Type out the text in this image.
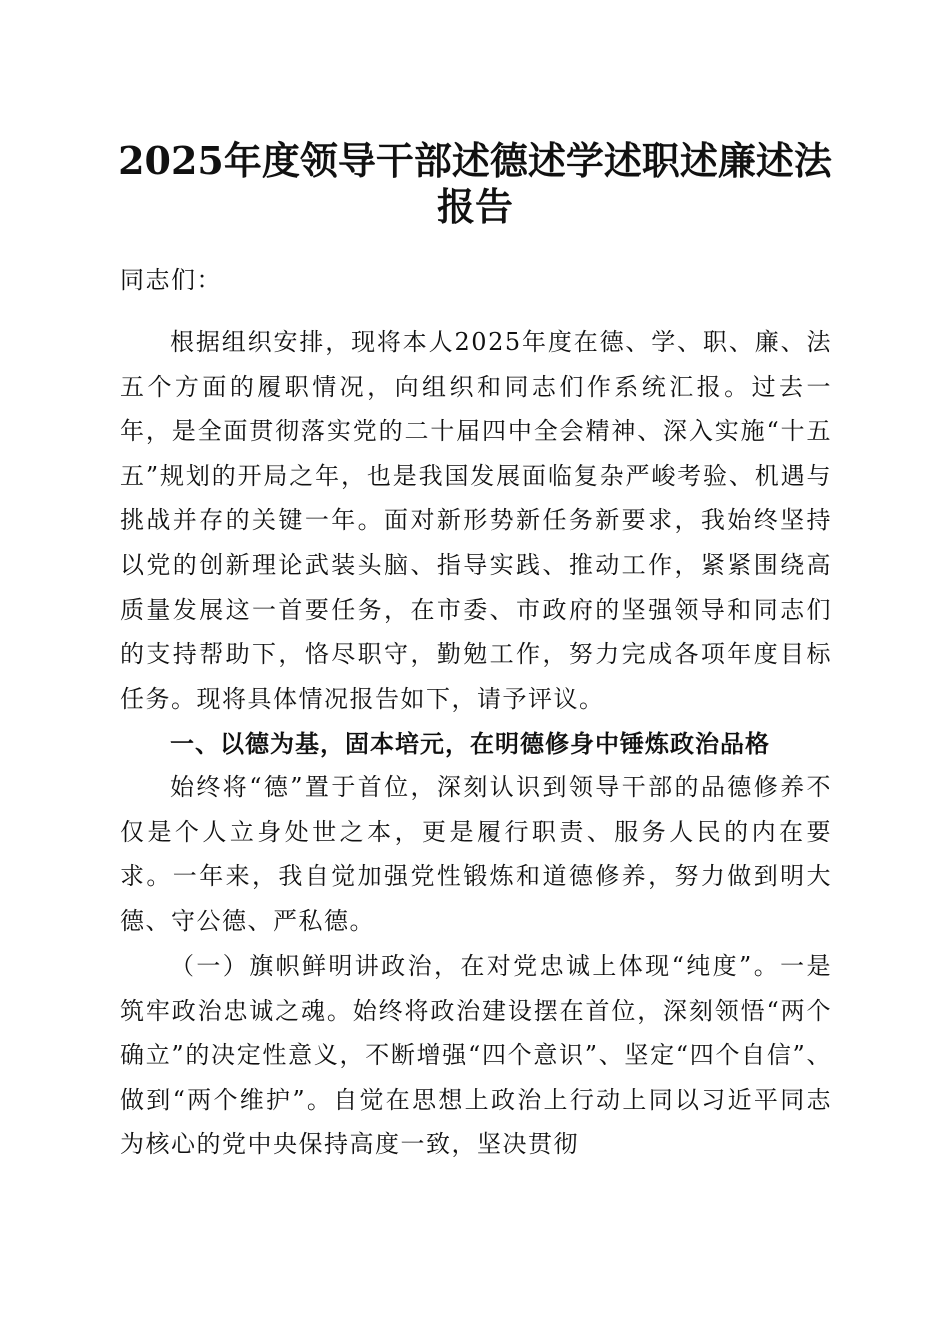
2025年度领导干部述德述学述职述廉述法报告

同志们：

根据组织安排，现将本人2025年度在德、学、职、廉、法五个方面的履职情况，向组织和同志们作系统汇报。过去一年，是全面贯彻落实党的二十届四中全会精神、深入实施“十五五”规划的开局之年，也是我国发展面临复杂严峻考验、机遇与挑战并存的关键一年。面对新形势新任务新要求，我始终坚持以党的创新理论武装头脑、指导实践、推动工作，紧紧围绕高质量发展这一首要任务，在市委、市政府的坚强领导和同志们的支持帮助下，恪尽职守，勤勉工作，努力完成各项年度目标任务。现将具体情况报告如下，请予评议。

一、以德为基，固本培元，在明德修身中锤炼政治品格

始终将“德”置于首位，深刻认识到领导干部的品德修养不仅是个人立身处世之本，更是履行职责、服务人民的内在要求。一年来，我自觉加强党性锻炼和道德修养，努力做到明大德、守公德、严私德。

（一）旗帜鲜明讲政治，在对党忠诚上体现“纯度”。一是筑牢政治忠诚之魂。始终将政治建设摆在首位，深刻领悟“两个确立”的决定性意义，不断增强“四个意识”、坚定“四个自信”、做到“两个维护”。自觉在思想上政治上行动上同以习近平同志为核心的党中央保持高度一致，坚决贯彻
